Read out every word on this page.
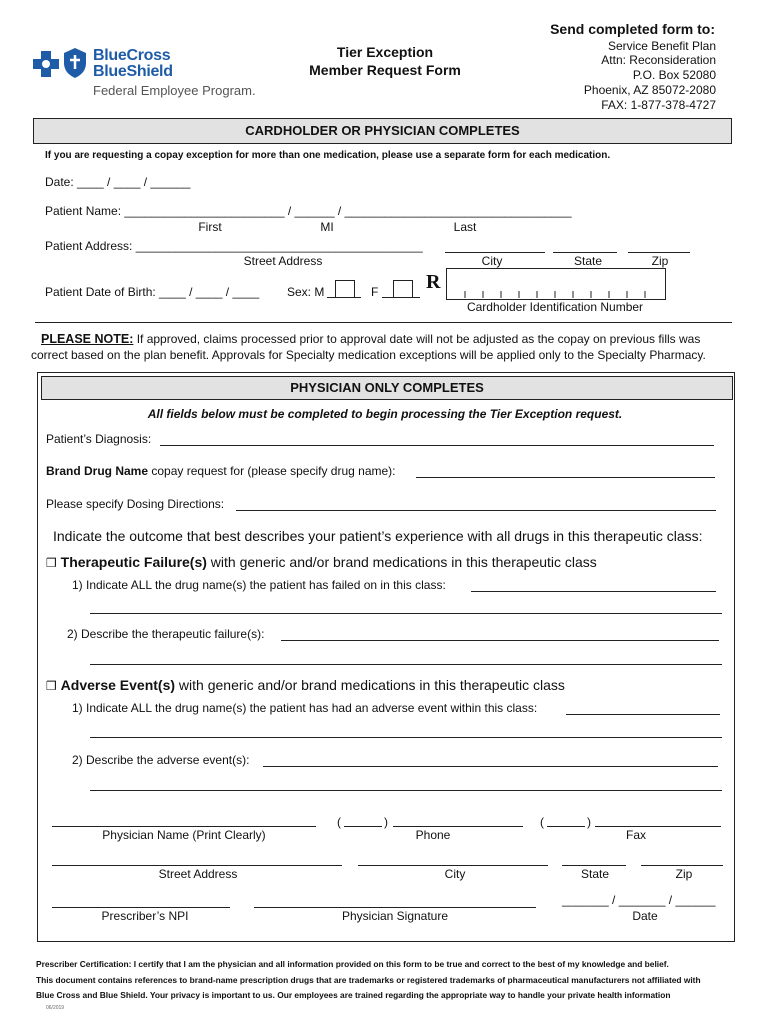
BlueCross
BlueShield
Federal Employee Program.
Tier Exception
Member Request Form
Send completed form to:
Service Benefit Plan
Attn: Reconsideration
P.O. Box 52080
Phoenix, AZ 85072-2080
FAX: 1-877-378-4727
CARDHOLDER OR PHYSICIAN COMPLETES
If you are requesting a copay exception for more than one medication, please use a separate form for each medication.
Date: ____ / ____ / ______
Patient Name: ________________________ / ______ / __________________________________
First	MI	Last
Patient Address: ___________________________________________
Street Address	City	State	Zip
Patient Date of Birth: ____ / ____ / ____ Sex: M	F R
Cardholder Identification Number
PLEASE NOTE: If approved, claims processed prior to approval date will not be adjusted as the copay on previous fills was
correct based on the plan benefit. Approvals for Specialty medication exceptions will be applied only to the Specialty Pharmacy.
PHYSICIAN ONLY COMPLETES
All fields below must be completed to begin processing the Tier Exception request.
Patient’s Diagnosis:
Brand Drug Name copay request for (please specify drug name):
Please specify Dosing Directions:
Indicate the outcome that best describes your patient’s experience with all drugs in this therapeutic class:
❒ Therapeutic Failure(s) with generic and/or brand medications in this therapeutic class
1) Indicate ALL the drug name(s) the patient has failed on in this class:
2) Describe the therapeutic failure(s):
❒ Adverse Event(s) with generic and/or brand medications in this therapeutic class
1) Indicate ALL the drug name(s) the patient has had an adverse event within this class:
2) Describe the adverse event(s):
(	)	(	)
Physician Name (Print Clearly)	Phone	Fax
Street Address	City	State	Zip
_______ / _______ / ______
Prescriber’s NPI	Physician Signature	Date
Prescriber Certification: I certify that I am the physician and all information provided on this form to be true and correct to the best of my knowledge and belief.
This document contains references to brand-name prescription drugs that are trademarks or registered trademarks of pharmaceutical manufacturers not affiliated with
Blue Cross and Blue Shield. Your privacy is important to us. Our employees are trained regarding the appropriate way to handle your private health information
06/2019
